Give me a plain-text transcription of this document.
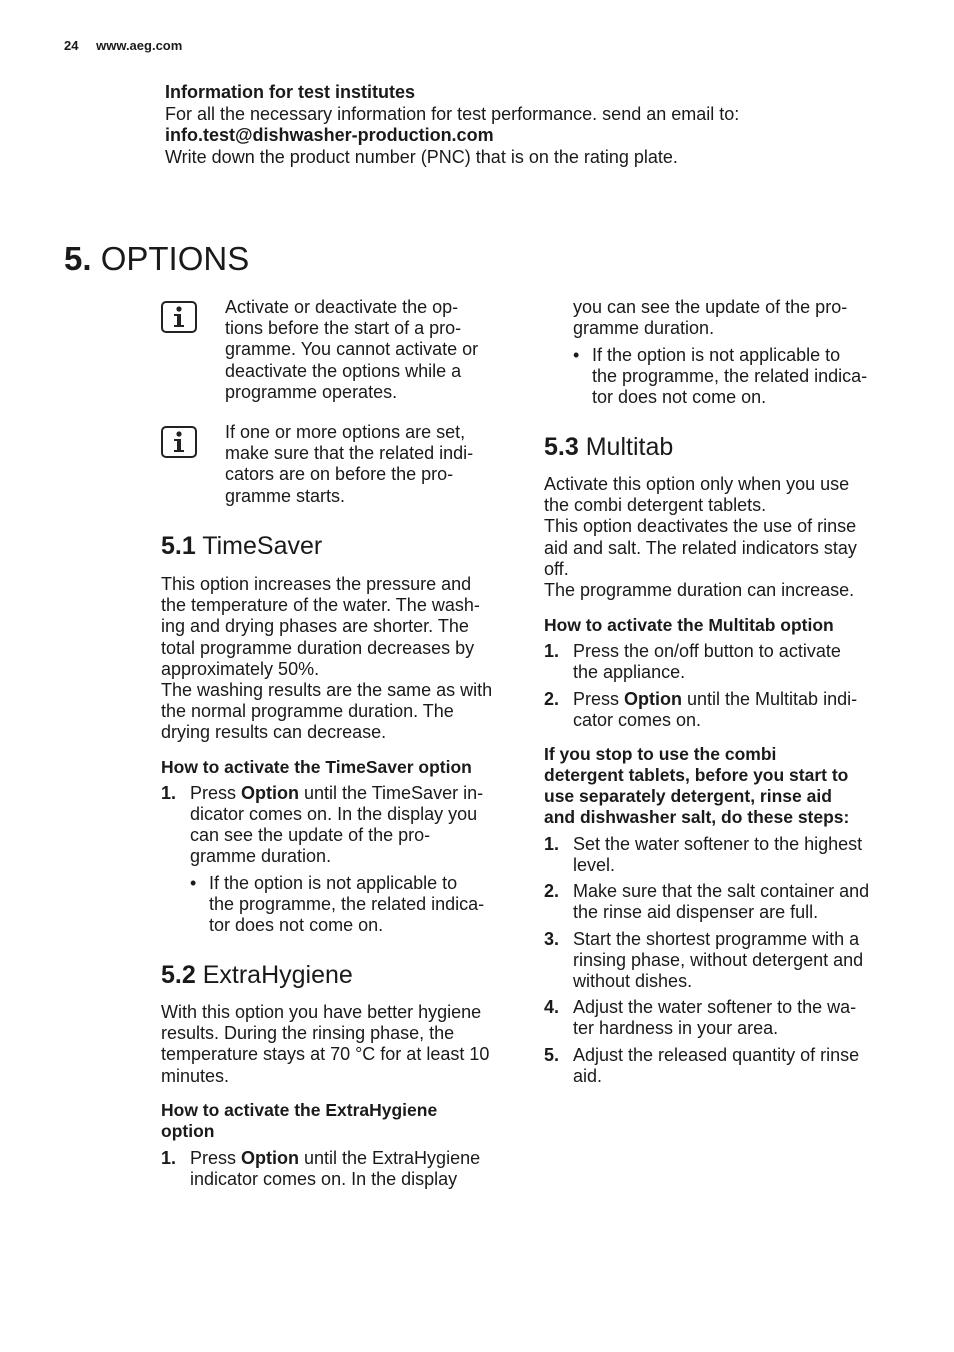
24 www.aeg.com

Information for test institutes

For all the necessary information for test performance. send an email to:

info.test@dishwasher-production.com

Write down the product number (PNC) that is on the rating plate.

5. OPTIONS

Activate or deactivate the op-

tions before the start of a pro-

gramme. You cannot activate or

deactivate the options while a

programme operates.

If one or more options are set,

make sure that the related indi-

cators are on before the pro-

gramme starts.

5.1 TimeSaver

This option increases the pressure and

the temperature of the water. The wash-

ing and drying phases are shorter. The

total programme duration decreases by

approximately 50%.

The washing results are the same as with

the normal programme duration. The

drying results can decrease.

How to activate the TimeSaver option
1. Press Option until the TimeSaver in-
dicator comes on. In the display you
can see the update of the pro-
gramme duration.
• If the option is not applicable to
the programme, the related indica-
tor does not come on.
5.2 ExtraHygiene

With this option you have better hygiene

results. During the rinsing phase, the

temperature stays at 70 °C for at least 10

minutes.

How to activate the ExtraHygiene

option

1. Press Option until the ExtraHygiene
indicator comes on. In the display

you can see the update of the pro-

gramme duration.

• If the option is not applicable to
the programme, the related indica-
tor does not come on.
5.3 Multitab

Activate this option only when you use

the combi detergent tablets.

This option deactivates the use of rinse

aid and salt. The related indicators stay

off.

The programme duration can increase.

How to activate the Multitab option
1. Press the on/off button to activate
the appliance.
2. Press Option until the Multitab indi-
cator comes on.

If you stop to use the combi

detergent tablets, before you start to

use separately detergent, rinse aid

and dishwasher salt, do these steps:

1. Set the water softener to the highest
level.
2. Make sure that the salt container and
the rinse aid dispenser are full.
3. Start the shortest programme with a
rinsing phase, without detergent and
without dishes.
4. Adjust the water softener to the wa-
ter hardness in your area.
5. Adjust the released quantity of rinse
aid.
